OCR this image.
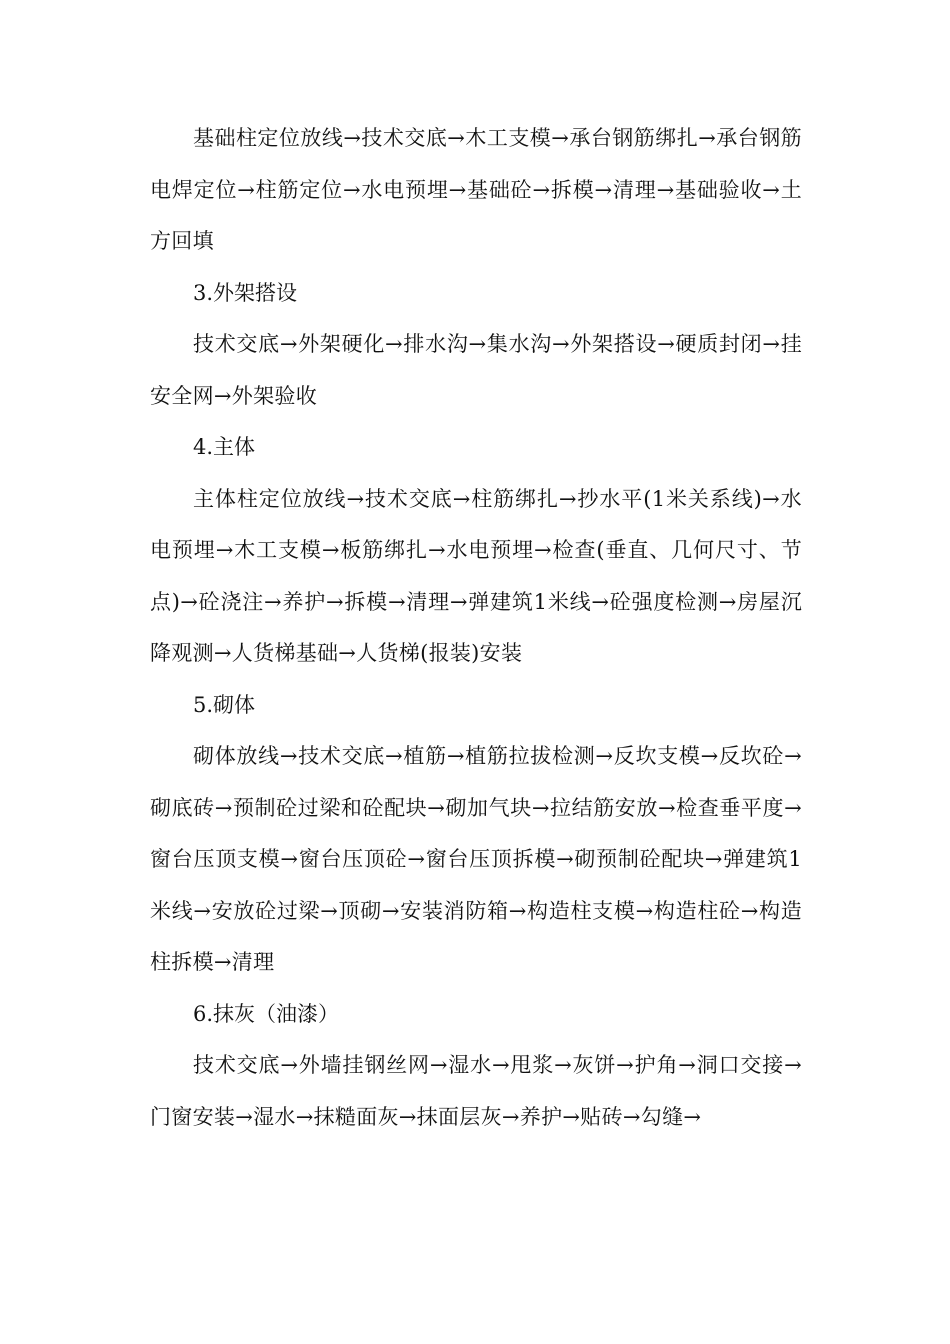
基础柱定位放线→技术交底→木工支模→承台钢筋绑扎→承台钢筋电焊定位→柱筋定位→水电预埋→基础砼→拆模→清理→基础验收→土方回填

3.外架搭设

技术交底→外架硬化→排水沟→集水沟→外架搭设→硬质封闭→挂安全网→外架验收

4.主体

主体柱定位放线→技术交底→柱筋绑扎→抄水平(1米关系线)→水电预埋→木工支模→板筋绑扎→水电预埋→检查(垂直、几何尺寸、节点)→砼浇注→养护→拆模→清理→弹建筑1米线→砼强度检测→房屋沉降观测→人货梯基础→人货梯(报装)安装

5.砌体

砌体放线→技术交底→植筋→植筋拉拔检测→反坎支模→反坎砼→砌底砖→预制砼过梁和砼配块→砌加气块→拉结筋安放→检查垂平度→窗台压顶支模→窗台压顶砼→窗台压顶拆模→砌预制砼配块→弹建筑1米线→安放砼过梁→顶砌→安装消防箱→构造柱支模→构造柱砼→构造柱拆模→清理

6.抹灰（油漆）

技术交底→外墙挂钢丝网→湿水→甩浆→灰饼→护角→洞口交接→门窗安装→湿水→抹糙面灰→抹面层灰→养护→贴砖→勾缝→
